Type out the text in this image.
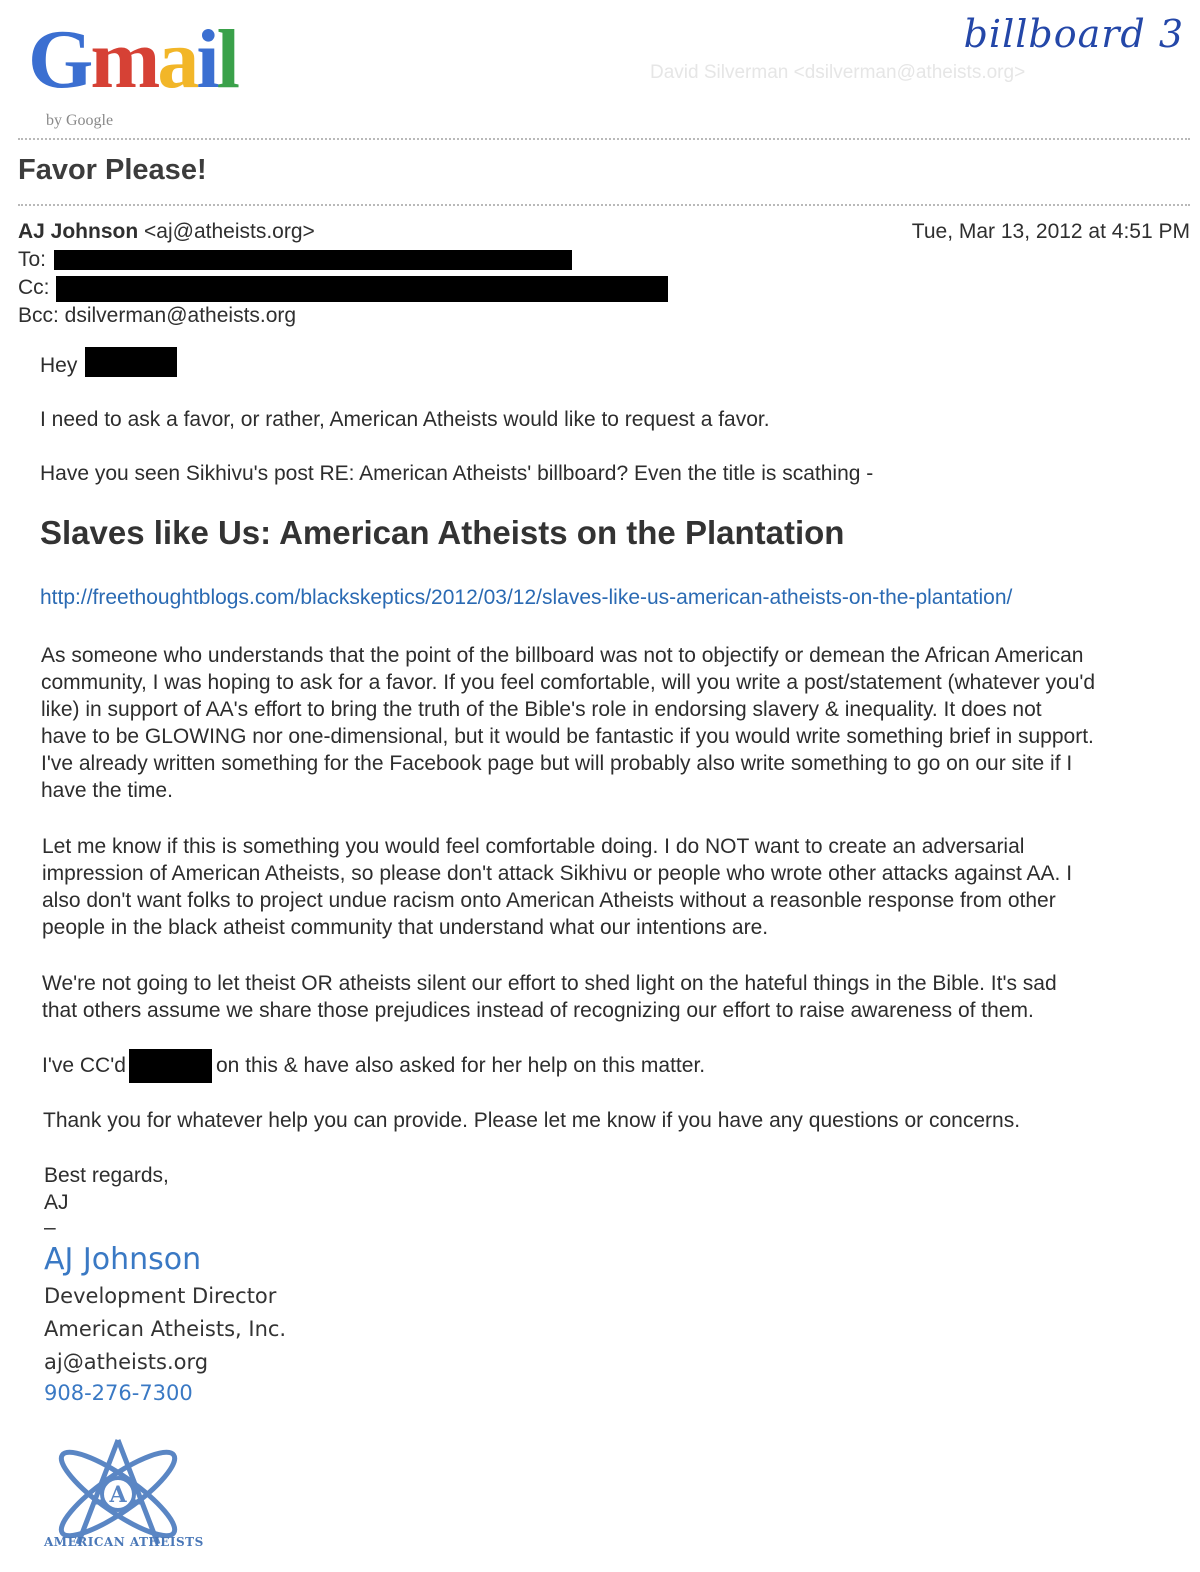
Gmail
by Google
billboard 3
David Silverman <dsilverman@atheists.org>
Favor Please!
AJ Johnson <aj@atheists.org>	Tue, Mar 13, 2012 at 4:51 PM
To:
Cc:
Bcc: dsilverman@atheists.org
Hey
I need to ask a favor, or rather, American Atheists would like to request a favor.
Have you seen Sikhivu's post RE: American Atheists' billboard? Even the title is scathing -
Slaves like Us: American Atheists on the Plantation
http://freethoughtblogs.com/blackskeptics/2012/03/12/slaves-like-us-american-atheists-on-the-plantation/
As someone who understands that the point of the billboard was not to objectify or demean the African American
community, I was hoping to ask for a favor. If you feel comfortable, will you write a post/statement (whatever you'd
like) in support of AA's effort to bring the truth of the Bible's role in endorsing slavery & inequality. It does not
have to be GLOWING nor one-dimensional, but it would be fantastic if you would write something brief in support.
I've already written something for the Facebook page but will probably also write something to go on our site if I
have the time.
Let me know if this is something you would feel comfortable doing. I do NOT want to create an adversarial
impression of American Atheists, so please don't attack Sikhivu or people who wrote other attacks against AA. I
also don't want folks to project undue racism onto American Atheists without a reasonble response from other
people in the black atheist community that understand what our intentions are.
We're not going to let theist OR atheists silent our effort to shed light on the hateful things in the Bible. It's sad
that others assume we share those prejudices instead of recognizing our effort to raise awareness of them.
I've CC'd	on this & have also asked for her help on this matter.
Thank you for whatever help you can provide. Please let me know if you have any questions or concerns.
Best regards,
AJ
–
AJ Johnson
Development Director
American Atheists, Inc.
aj@atheists.org
908-276-7300
A
AMERICAN ATHEISTS
